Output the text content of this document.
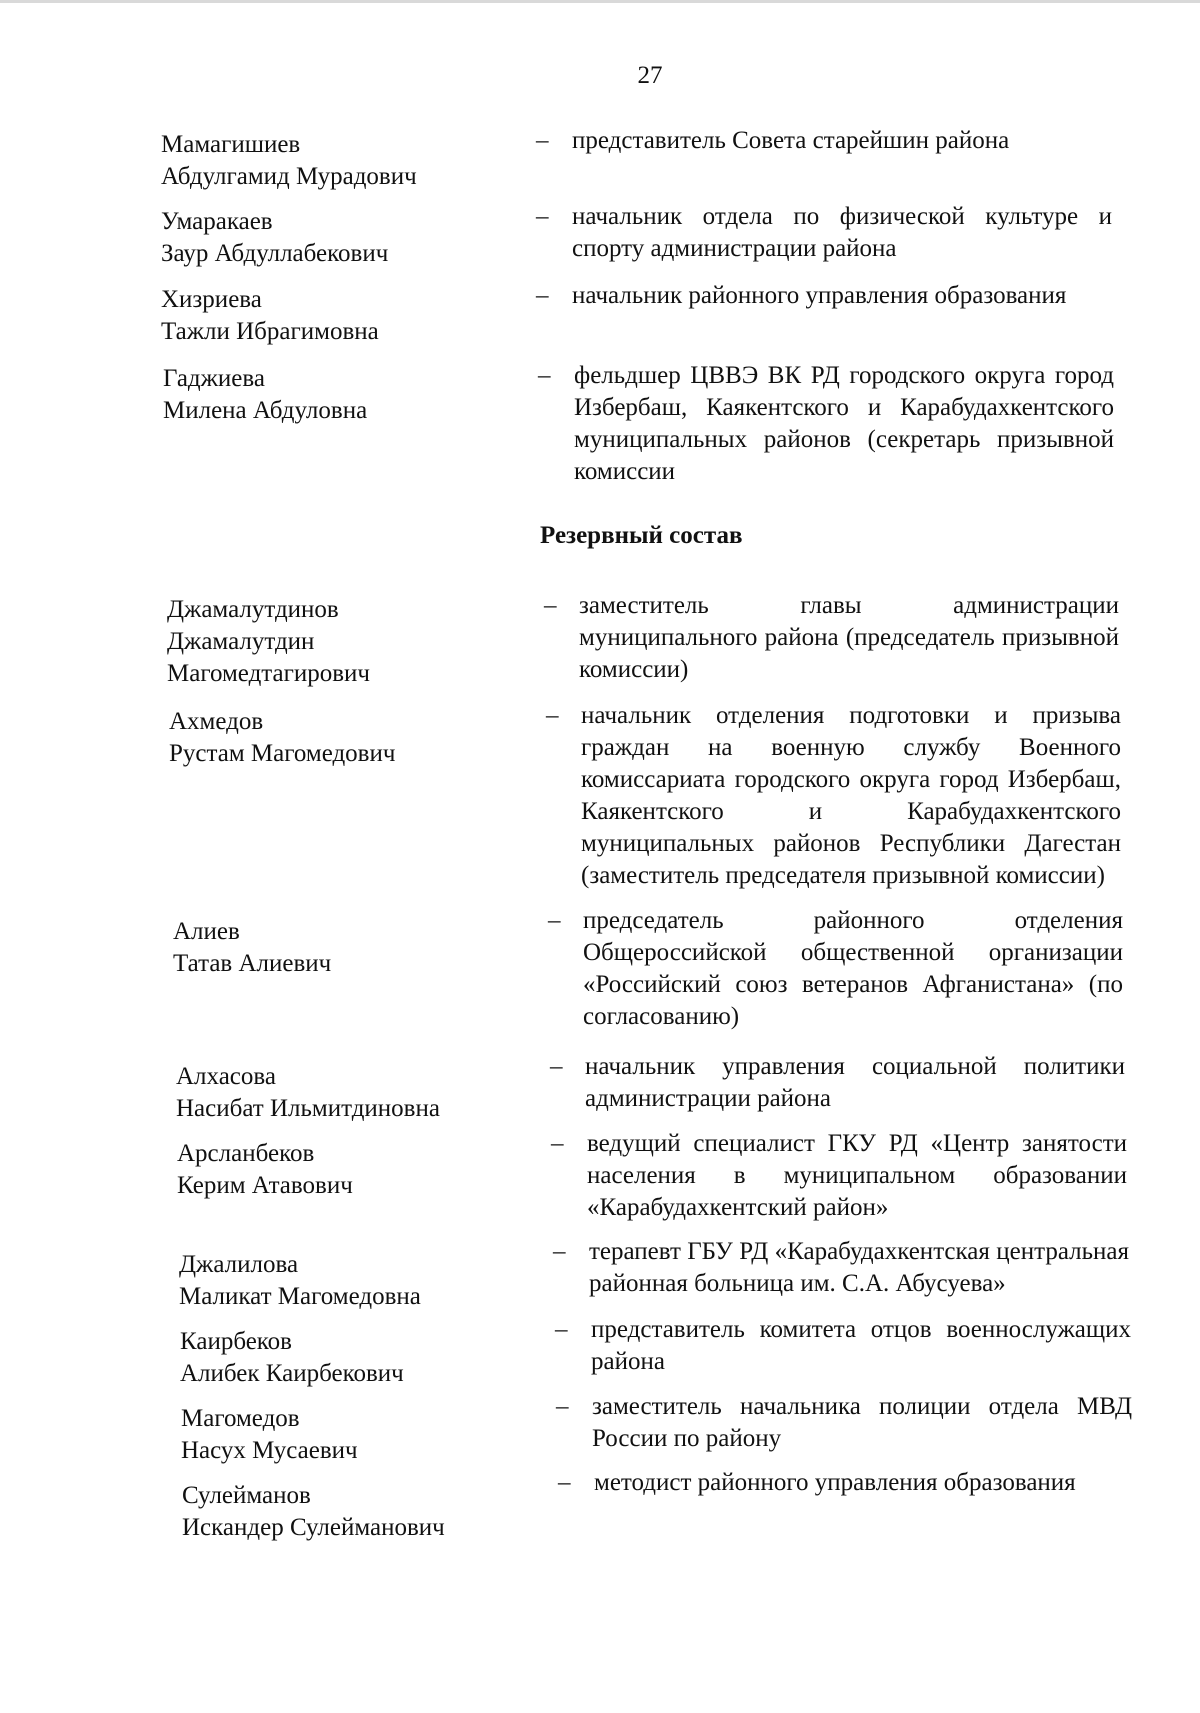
27
Мамагишиев
Абдулгамид Мурадович
– представитель Совета старейшин района
Умаракаев
Заур Абдуллабекович
– начальник отдела по физической культуре и спорту администрации района
Хизриева
Тажли Ибрагимовна
– начальник районного управления образования
Гаджиева
Милена Абдуловна
– фельдшер ЦВВЭ ВК РД городского округа город Избербаш, Каякентского и Карабудахкентского муниципальных районов (секретарь призывной комиссии
Резервный состав
Джамалутдинов
Джамалутдин
Магомедтагирович
– заместитель главы администрации муниципального района (председатель призывной комиссии)
Ахмедов
Рустам Магомедович
– начальник отделения подготовки и призыва граждан на военную службу Военного комиссариата городского округа город Избербаш, Каякентского и Карабудахкентского муниципальных районов Республики Дагестан (заместитель председателя призывной комиссии)
Алиев
Татав Алиевич
– председатель районного отделения Общероссийской общественной организации «Российский союз ветеранов Афганистана» (по согласованию)
Алхасова
Насибат Ильмитдиновна
– начальник управления социальной политики администрации района
Арсланбеков
Керим Атавович
– ведущий специалист ГКУ РД «Центр занятости населения в муниципальном образовании «Карабудахкентский район»
Джалилова
Маликат Магомедовна
– терапевт ГБУ РД «Карабудахкентская центральная районная больница им. С.А. Абусуева»
Каирбеков
Алибек Каирбекович
– представитель комитета отцов военнослужащих района
Магомедов
Насух Мусаевич
– заместитель начальника полиции отдела МВД России по району
Сулейманов
Искандер Сулейманович
– методист районного управления образования
